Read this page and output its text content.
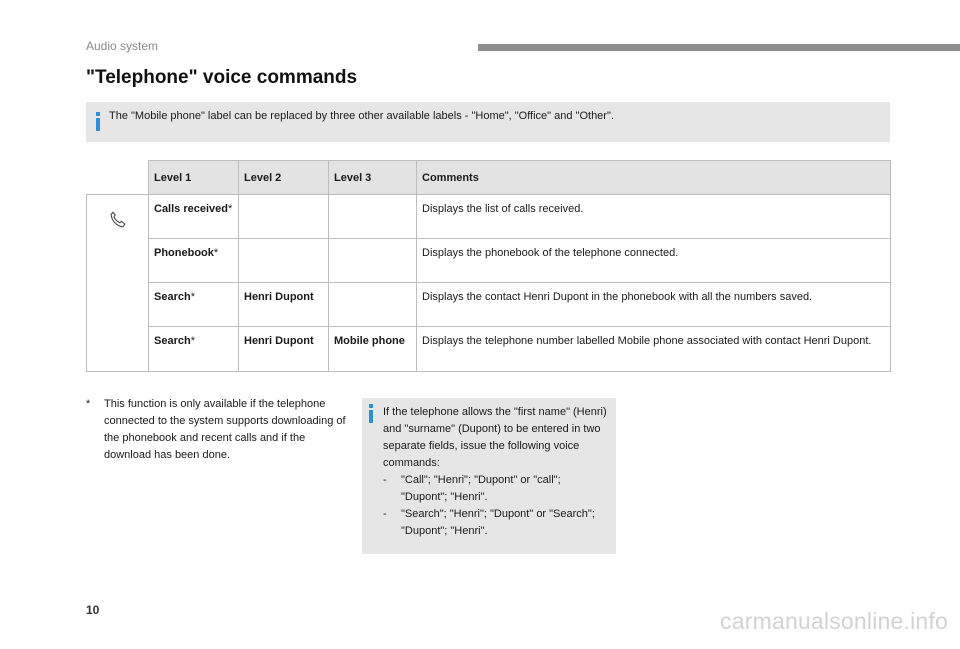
Audio system
"Telephone" voice commands
The "Mobile phone" label can be replaced by three other available labels - "Home", "Office" and "Other".
	Level 1	Level 2	Level 3	Comments
	Calls received*			Displays the list of calls received.
	Phonebook*			Displays the phonebook of the telephone connected.
	Search*	Henri Dupont		Displays the contact Henri Dupont in the phonebook with all the numbers saved.
	Search*	Henri Dupont	Mobile phone	Displays the telephone number labelled Mobile phone associated with contact Henri Dupont.
* This function is only available if the telephone connected to the system supports downloading of the phonebook and recent calls and if the download has been done.
If the telephone allows the "first name" (Henri) and "surname" (Dupont) to be entered in two separate fields, issue the following voice commands:
- "Call"; "Henri"; "Dupont" or "call"; "Dupont"; "Henri".
- "Search"; "Henri"; "Dupont" or "Search"; "Dupont"; "Henri".
10	carmanualsonline.info
